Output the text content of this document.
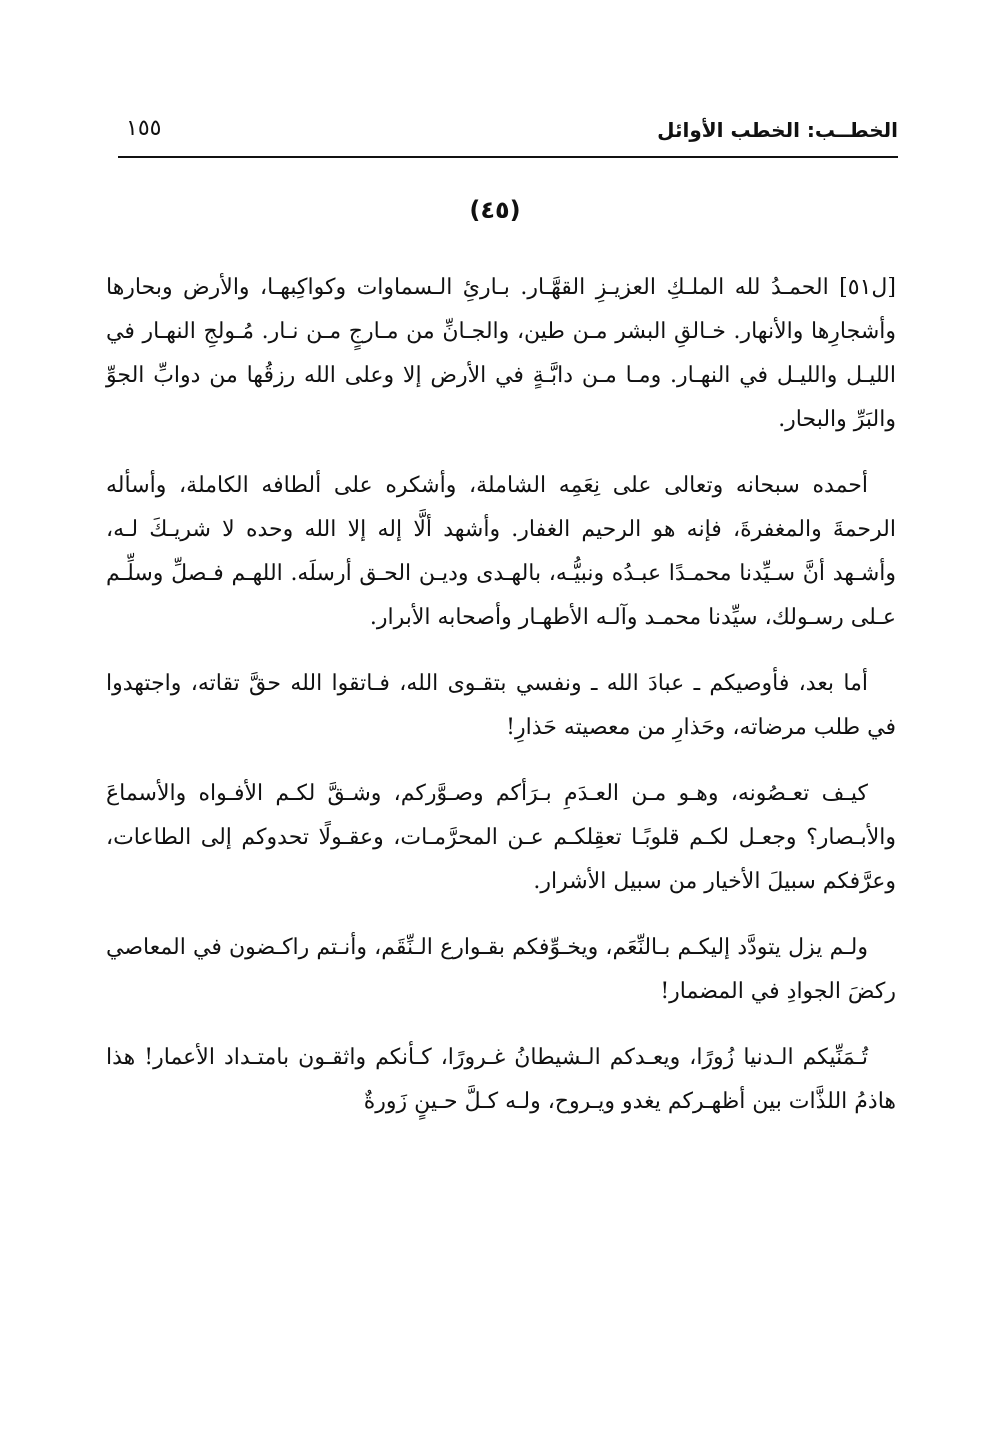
الخطــب: الخطب الأوائل
١٥٥
(٤٥)

[ل٥١] الحمـدُ لله الملـكِ العزيـزِ القهَّـار. بـارئِ الـسماوات وكواكِبهـا، والأرض وبحارها وأشجارِها والأنهار. خـالقِ البشر مـن طين، والجـانِّ من مـارجٍ مـن نـار. مُـولجِ النهـار في الليـل والليـل في النهـار. ومـا مـن دابَّـةٍ في الأرض إلا وعلى الله رزقُها من دوابِّ الجوِّ والبَرِّ والبحار.

أحمده سبحانه وتعالى على نِعَمِه الشاملة، وأشكره على ألطافه الكاملة، وأسأله الرحمةَ والمغفرةَ، فإنه هو الرحيم الغفار. وأشهد ألَّا إله إلا الله وحده لا شريـكَ لـه، وأشـهد أنَّ سـيِّدنا محمـدًا عبـدُه ونبيُّـه، بالهـدى وديـن الحـق أرسلَه. اللهـم فـصلِّ وسلِّـم عـلى رسـولك، سيِّدنا محمـد وآلـه الأطهـار وأصحابه الأبرار.

أما بعد، فأوصيكم ـ عبادَ الله ـ ونفسي بتقـوى الله، فـاتقوا الله حقَّ تقاته، واجتهدوا في طلب مرضاته، وحَذارِ من معصيته حَذارِ!

كيـف تعـصُونه، وهـو مـن العـدَمِ بـرَأكم وصـوَّركم، وشـقَّ لكـم الأفـواه والأسماعَ والأبـصار؟ وجعـل لكـم قلوبًـا تعقِلكـم عـن المحرَّمـات، وعقـولًا تحدوكم إلى الطاعات، وعرَّفكم سبيلَ الأخيار من سبيل الأشرار.

ولـم يزل يتودَّد إليكـم بـالنِّعَم، ويخـوِّفكم بقـوارع الـنِّقَم، وأنـتم راكـضون في المعاصي ركضَ الجوادِ في المضمار!

تُـمَنِّيكم الـدنيا زُورًا، ويعـدكم الـشيطانُ غـرورًا، كـأنكم واثقـون بامتـداد الأعمار! هذا هاذمُ اللذَّات بين أظهـركم يغدو ويـروح، ولـه كـلَّ حـينٍ زَورةٌ
